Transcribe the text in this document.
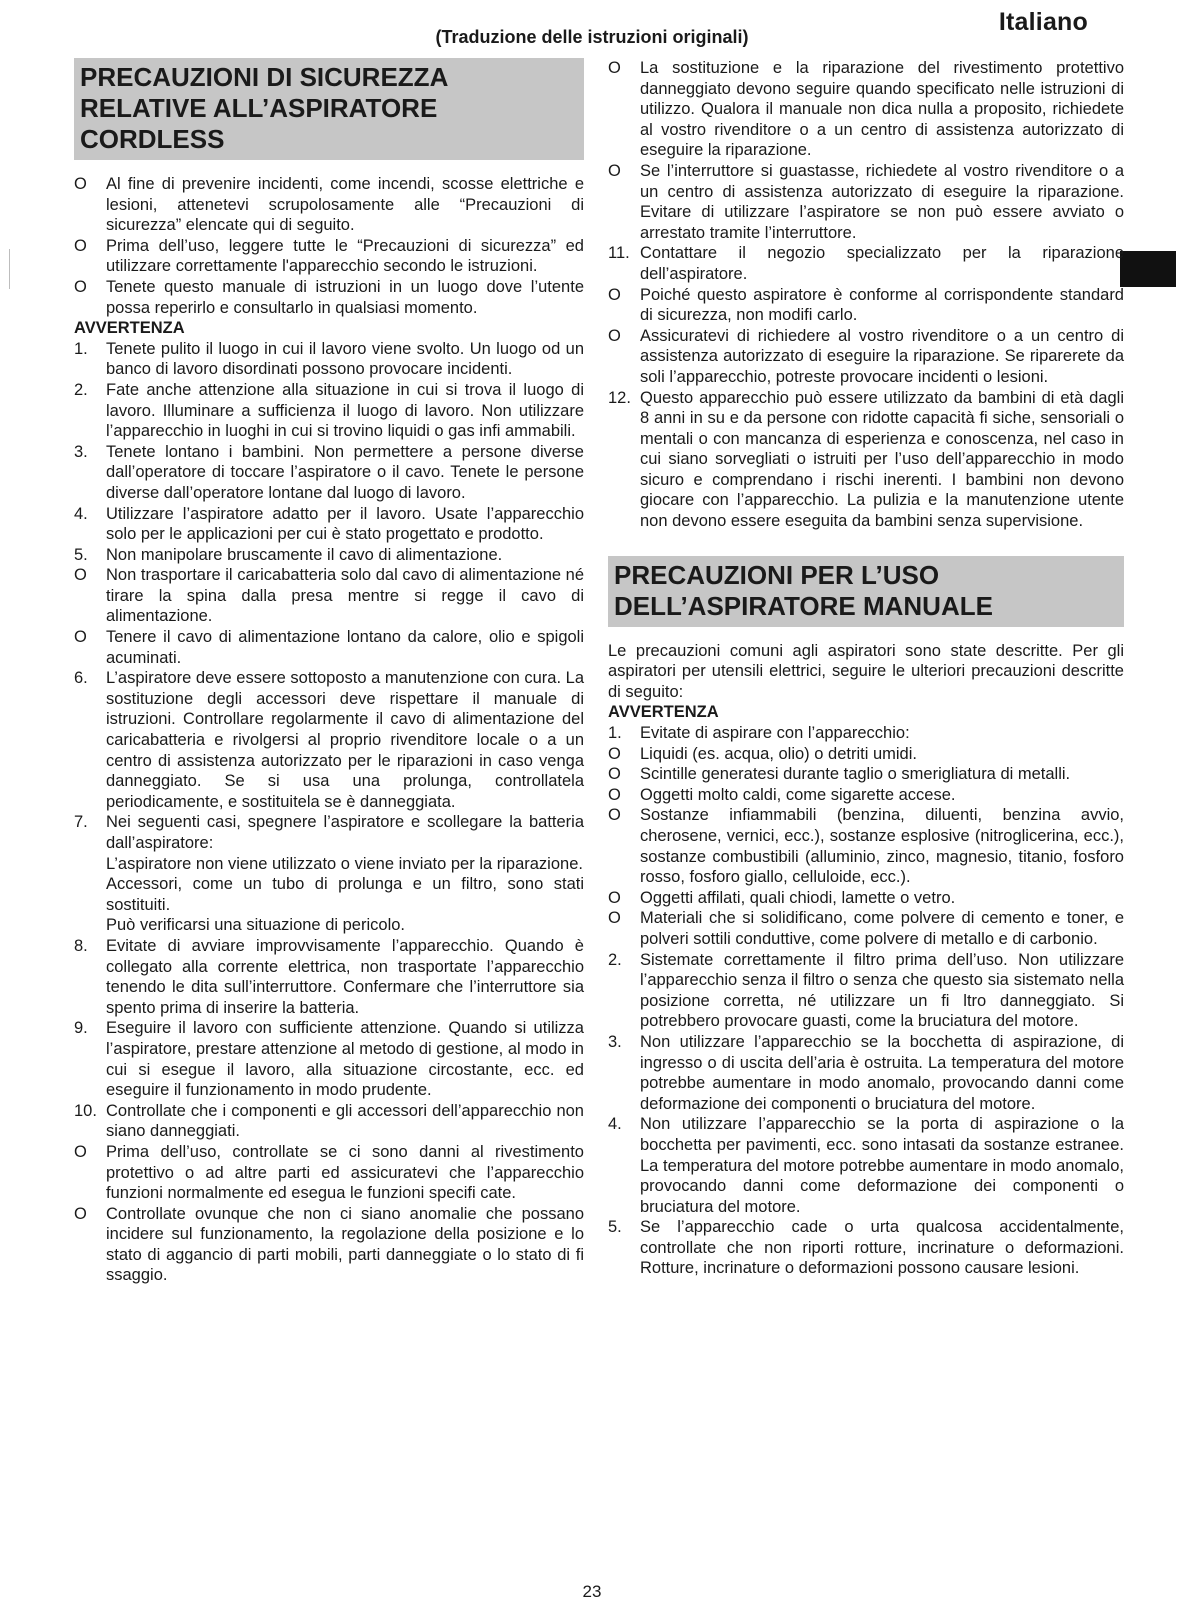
Italiano
(Traduzione delle istruzioni originali)
PRECAUZIONI DI SICUREZZA
RELATIVE ALL’ASPIRATORE
CORDLESS
O	Al fine di prevenire incidenti, come incendi, scosse elettriche e lesioni, attenetevi scrupolosamente alle “Precauzioni di sicurezza” elencate qui di seguito.
O	Prima dell’uso, leggere tutte le “Precauzioni di sicurezza” ed utilizzare correttamente l'apparecchio secondo le istruzioni.
O	Tenete questo manuale di istruzioni in un luogo dove l’utente possa reperirlo e consultarlo in qualsiasi momento.
AVVERTENZA
1.	Tenete pulito il luogo in cui il lavoro viene svolto. Un luogo od un banco di lavoro disordinati possono provocare incidenti.
2.	Fate anche attenzione alla situazione in cui si trova il luogo di lavoro. Illuminare a sufficienza il luogo di lavoro. Non utilizzare l’apparecchio in luoghi in cui si trovino liquidi o gas infi ammabili.
3.	Tenete lontano i bambini. Non permettere a persone diverse dall’operatore di toccare l’aspiratore o il cavo. Tenete le persone diverse dall’operatore lontane dal luogo di lavoro.
4.	Utilizzare l’aspiratore adatto per il lavoro. Usate l’apparecchio solo per le applicazioni per cui è stato progettato e prodotto.
5.	Non manipolare bruscamente il cavo di alimentazione.
O	Non trasportare il caricabatteria solo dal cavo di alimentazione né tirare la spina dalla presa mentre si regge il cavo di alimentazione.
O	Tenere il cavo di alimentazione lontano da calore, olio e spigoli acuminati.
6.	L’aspiratore deve essere sottoposto a manutenzione con cura. La sostituzione degli accessori deve rispettare il manuale di istruzioni. Controllare regolarmente il cavo di alimentazione del caricabatteria e rivolgersi al proprio rivenditore locale o a un centro di assistenza autorizzato per le riparazioni in caso venga danneggiato. Se si usa una prolunga, controllatela periodicamente, e sostituitela se è danneggiata.
7.	Nei seguenti casi, spegnere l’aspiratore e scollegare la batteria dall’aspiratore:
L’aspiratore non viene utilizzato o viene inviato per la riparazione.
Accessori, come un tubo di prolunga e un filtro, sono stati sostituiti.
Può verificarsi una situazione di pericolo.
8.	Evitate di avviare improvvisamente l’apparecchio. Quando è collegato alla corrente elettrica, non trasportate l’apparecchio tenendo le dita sull’interruttore. Confermare che l’interruttore sia spento prima di inserire la batteria.
9.	Eseguire il lavoro con sufficiente attenzione. Quando si utilizza l’aspiratore, prestare attenzione al metodo di gestione, al modo in cui si esegue il lavoro, alla situazione circostante, ecc. ed eseguire il funzionamento in modo prudente.
10. Controllate che i componenti e gli accessori dell’apparecchio non siano danneggiati.
O	Prima dell’uso, controllate se ci sono danni al rivestimento protettivo o ad altre parti ed assicuratevi che l’apparecchio funzioni normalmente ed esegua le funzioni specifi cate.
O	Controllate ovunque che non ci siano anomalie che possano incidere sul funzionamento, la regolazione della posizione e lo stato di aggancio di parti mobili, parti danneggiate o lo stato di fi ssaggio.
O	La sostituzione e la riparazione del rivestimento protettivo danneggiato devono seguire quando specificato nelle istruzioni di utilizzo. Qualora il manuale non dica nulla a proposito, richiedete al vostro rivenditore o a un centro di assistenza autorizzato di eseguire la riparazione.
O	Se l’interruttore si guastasse, richiedete al vostro rivenditore o a un centro di assistenza autorizzato di eseguire la riparazione. Evitare di utilizzare l’aspiratore se non può essere avviato o arrestato tramite l’interruttore.
11. Contattare il negozio specializzato per la riparazione dell’aspiratore.
O	Poiché questo aspiratore è conforme al corrispondente standard di sicurezza, non modifi carlo.
O	Assicuratevi di richiedere al vostro rivenditore o a un centro di assistenza autorizzato di eseguire la riparazione. Se riparerete da soli l’apparecchio, potreste provocare incidenti o lesioni.
12. Questo apparecchio può essere utilizzato da bambini di età dagli 8 anni in su e da persone con ridotte capacità fi siche, sensoriali o mentali o con mancanza di esperienza e conoscenza, nel caso in cui siano sorvegliati o istruiti per l’uso dell’apparecchio in modo sicuro e comprendano i rischi inerenti. I bambini non devono giocare con l’apparecchio. La pulizia e la manutenzione utente non devono essere eseguita da bambini senza supervisione.
PRECAUZIONI PER L’USO
DELL’ASPIRATORE MANUALE
Le precauzioni comuni agli aspiratori sono state descritte. Per gli aspiratori per utensili elettrici, seguire le ulteriori precauzioni descritte di seguito:
AVVERTENZA
1.	Evitate di aspirare con l’apparecchio:
O	Liquidi (es. acqua, olio) o detriti umidi.
O	Scintille generatesi durante taglio o smerigliatura di metalli.
O	Oggetti molto caldi, come sigarette accese.
O	Sostanze infiammabili (benzina, diluenti, benzina avvio, cherosene, vernici, ecc.), sostanze esplosive (nitroglicerina, ecc.), sostanze combustibili (alluminio, zinco, magnesio, titanio, fosforo rosso, fosforo giallo, celluloide, ecc.).
O	Oggetti affilati, quali chiodi, lamette o vetro.
O	Materiali che si solidificano, come polvere di cemento e toner, e polveri sottili conduttive, come polvere di metallo e di carbonio.
2.	Sistemate correttamente il filtro prima dell’uso. Non utilizzare l’apparecchio senza il filtro o senza che questo sia sistemato nella posizione corretta, né utilizzare un fi ltro danneggiato. Si potrebbero provocare guasti, come la bruciatura del motore.
3.	Non utilizzare l’apparecchio se la bocchetta di aspirazione, di ingresso o di uscita dell’aria è ostruita. La temperatura del motore potrebbe aumentare in modo anomalo, provocando danni come deformazione dei componenti o bruciatura del motore.
4.	Non utilizzare l’apparecchio se la porta di aspirazione o la bocchetta per pavimenti, ecc. sono intasati da sostanze estranee. La temperatura del motore potrebbe aumentare in modo anomalo, provocando danni come deformazione dei componenti o bruciatura del motore.
5.	Se l’apparecchio cade o urta qualcosa accidentalmente, controllate che non riporti rotture, incrinature o deformazioni. Rotture, incrinature o deformazioni possono causare lesioni.
23
